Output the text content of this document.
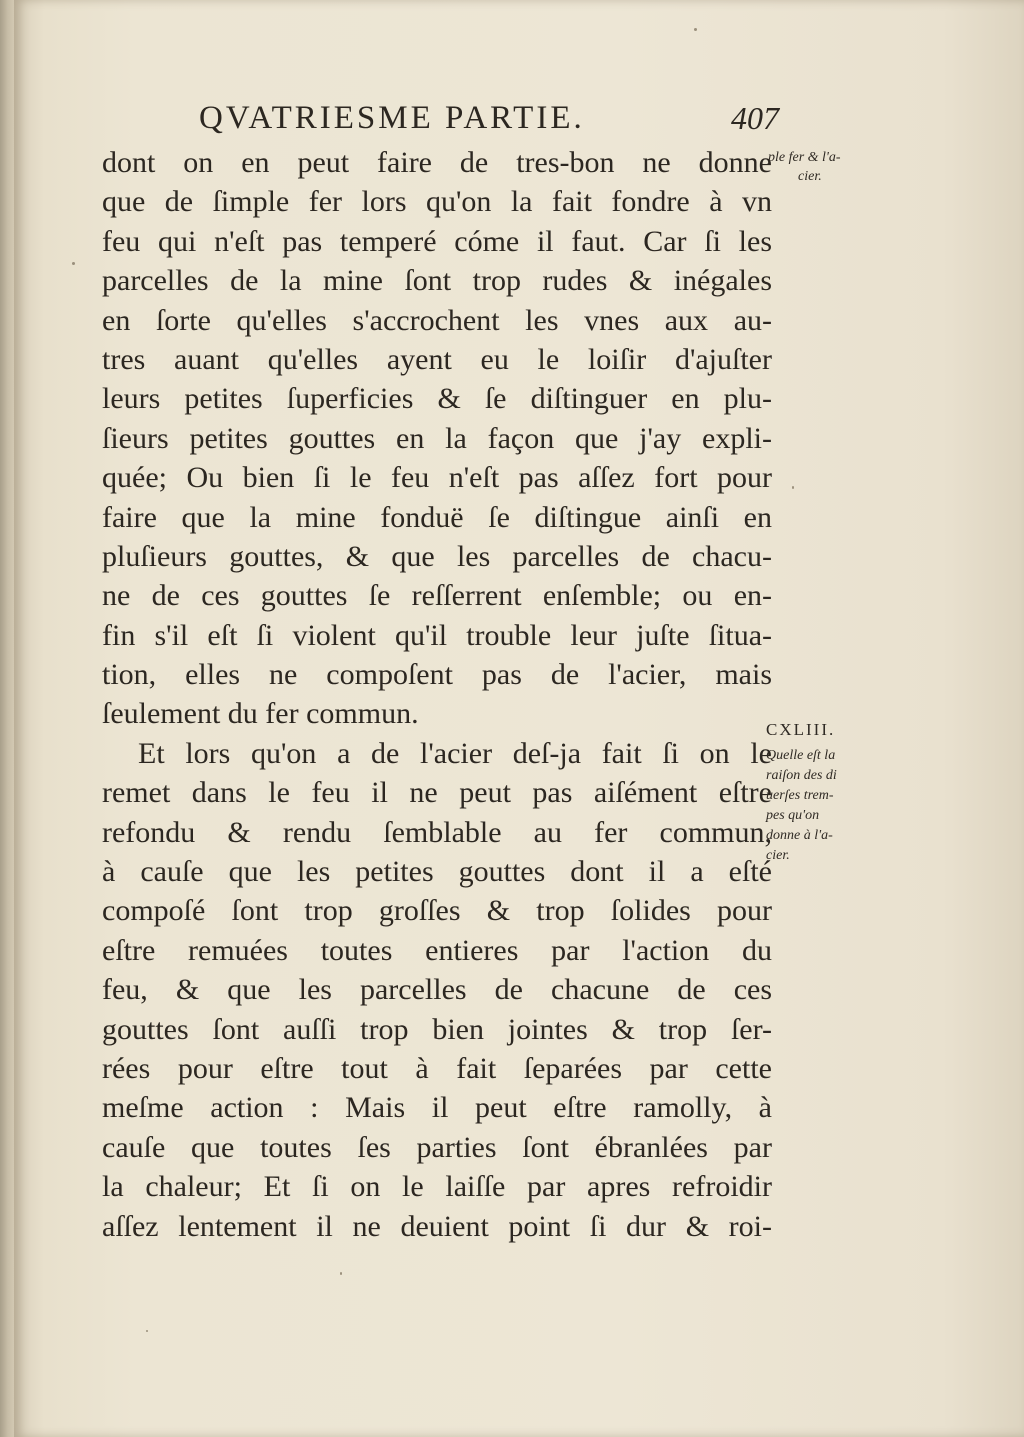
QVATRIESME PARTIE.	407
dont on en peut faire de tres-bon ne donne
que de ſimple fer lors qu'on la fait fondre à vn
feu qui n'eſt pas temperé cóme il faut. Car ſi les
parcelles de la mine ſont trop rudes & inégales
en ſorte qu'elles s'accrochent les vnes aux au-
tres auant qu'elles ayent eu le loiſir d'ajuſter
leurs petites ſuperficies & ſe diſtinguer en plu-
ſieurs petites gouttes en la façon que j'ay expli-
quée; Ou bien ſi le feu n'eſt pas aſſez fort pour
faire que la mine fonduë ſe diſtingue ainſi en
pluſieurs gouttes, & que les parcelles de chacu-
ne de ces gouttes ſe reſſerrent enſemble; ou en-
fin s'il eſt ſi violent qu'il trouble leur juſte ſitua-
tion, elles ne compoſent pas de l'acier, mais
ſeulement du fer commun.
Et lors qu'on a de l'acier deſ-ja fait ſi on le
remet dans le feu il ne peut pas aiſément eſtre
refondu & rendu ſemblable au fer commun,
à cauſe que les petites gouttes dont il a eſté
compoſé ſont trop groſſes & trop ſolides pour
eſtre remuées toutes entieres par l'action du
feu, & que les parcelles de chacune de ces
gouttes ſont auſſi trop bien jointes & trop ſer-
rées pour eſtre tout à fait ſeparées par cette
meſme action : Mais il peut eſtre ramolly, à
cauſe que toutes ſes parties ſont ébranlées par
la chaleur; Et ſi on le laiſſe par apres refroidir
aſſez lentement il ne deuient point ſi dur & roi-
ple fer & l'a-
cier.
CXLIII.
Quelle eſt la
raiſon des di
uerſes trem-
pes qu'on
donne à l'a-
cier.
